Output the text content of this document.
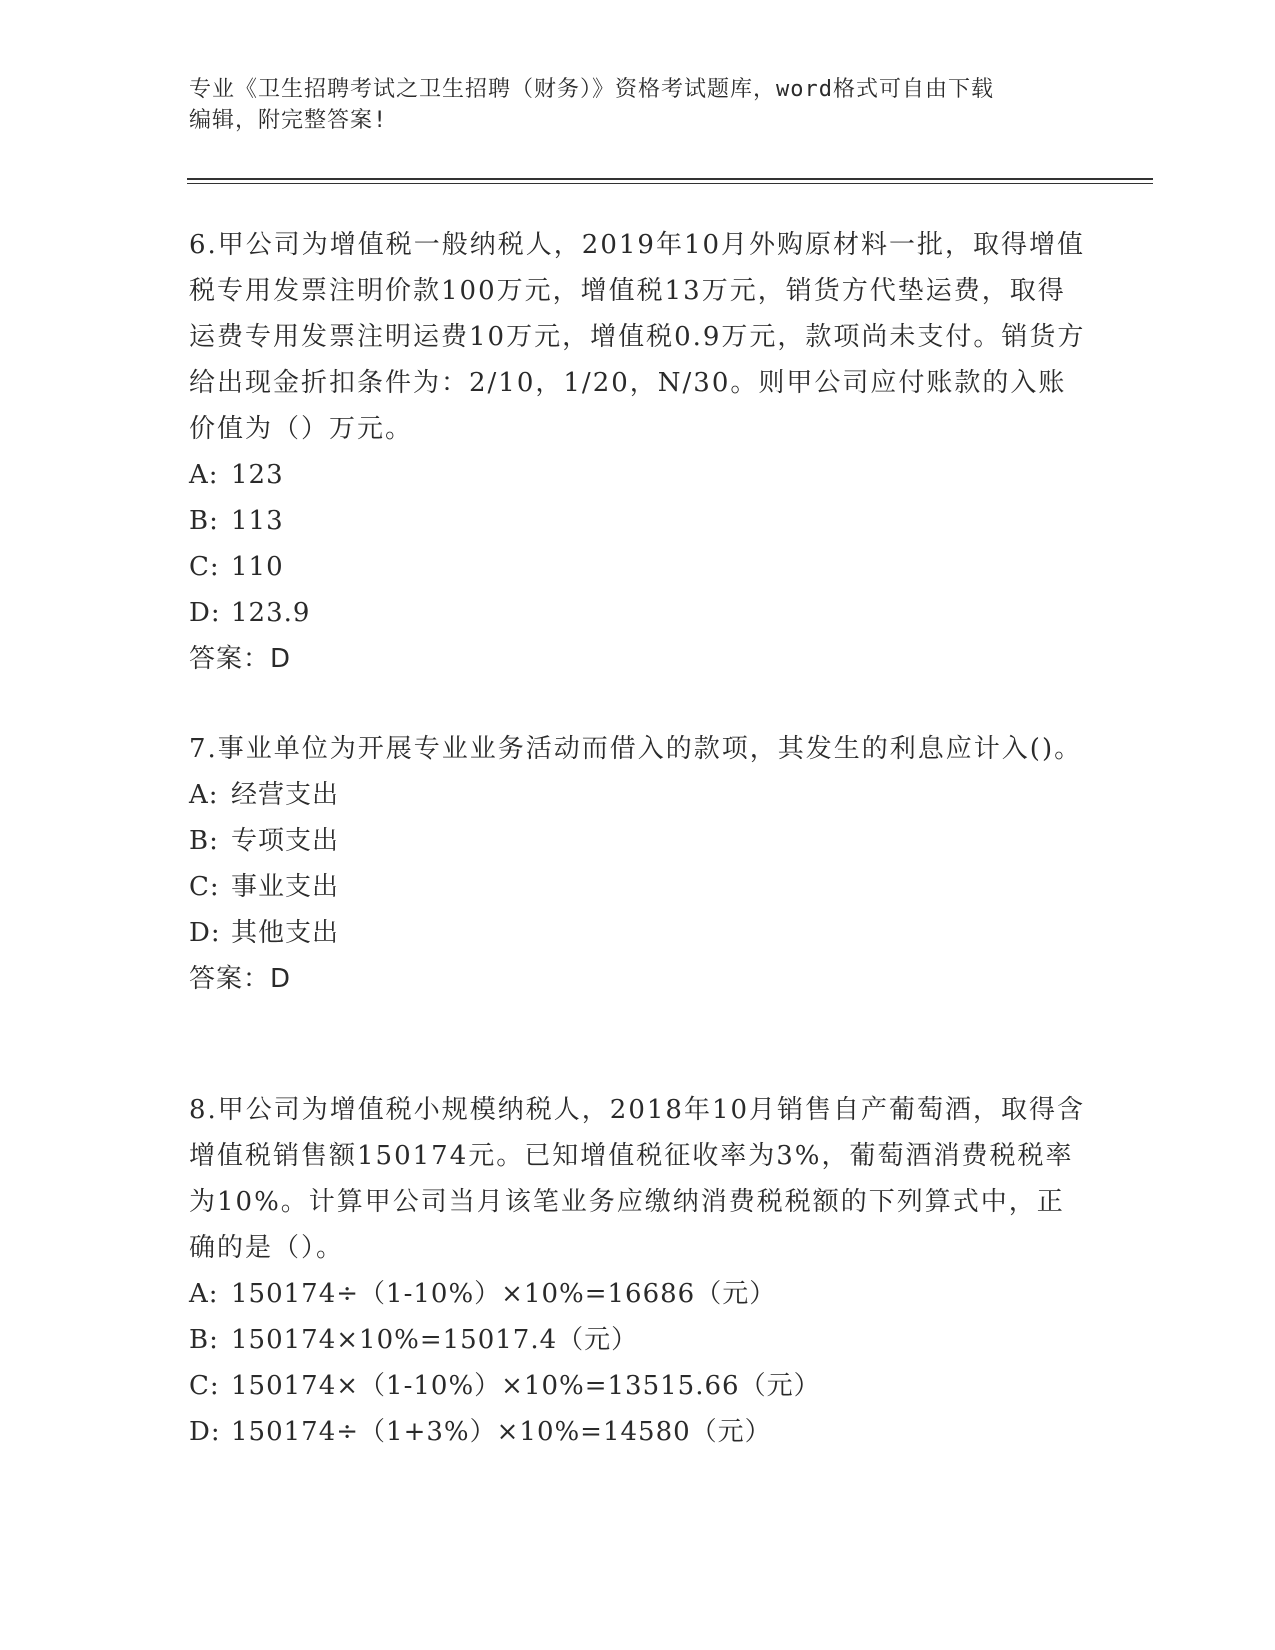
专业《卫生招聘考试之卫生招聘（财务）》资格考试题库，word格式可自由下载
编辑，附完整答案!

6.甲公司为增值税一般纳税人，2019年10月外购原材料一批，取得增值税专用发票注明价款100万元，增值税13万元，销货方代垫运费，取得运费专用发票注明运费10万元，增值税0.9万元，款项尚未支付。销货方给出现金折扣条件为：2/10，1/20，N/30。则甲公司应付账款的入账价值为（）万元。

A: 123

B: 113

C: 110

D: 123.9

答案：D

7.事业单位为开展专业业务活动而借入的款项，其发生的利息应计入()。

A: 经营支出

B: 专项支出

C: 事业支出

D: 其他支出

答案：D

8.甲公司为增值税小规模纳税人，2018年10月销售自产葡萄酒，取得含增值税销售额150174元。已知增值税征收率为3%，葡萄酒消费税税率为10%。计算甲公司当月该笔业务应缴纳消费税税额的下列算式中，正确的是（）。

A: 150174÷（1-10%）×10%=16686（元）

B: 150174×10%=15017.4（元）

C: 150174×（1-10%）×10%=13515.66（元）

D: 150174÷（1+3%）×10%=14580（元）
